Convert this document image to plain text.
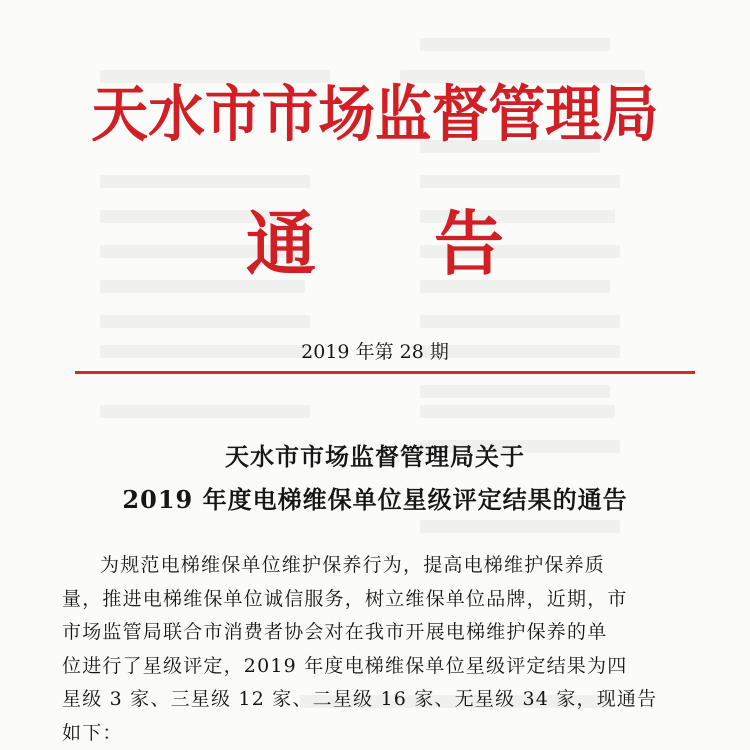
天水市市场监督管理局
通告
2019 年第 28 期
天水市市场监督管理局关于
2019 年度电梯维保单位星级评定结果的通告
为规范电梯维保单位维护保养行为，提高电梯维护保养质
量，推进电梯维保单位诚信服务，树立维保单位品牌，近期，市
市场监管局联合市消费者协会对在我市开展电梯维护保养的单
位进行了星级评定，2019 年度电梯维保单位星级评定结果为四
星级 3 家、三星级 12 家、二星级 16 家、无星级 34 家，现通告
如下：
